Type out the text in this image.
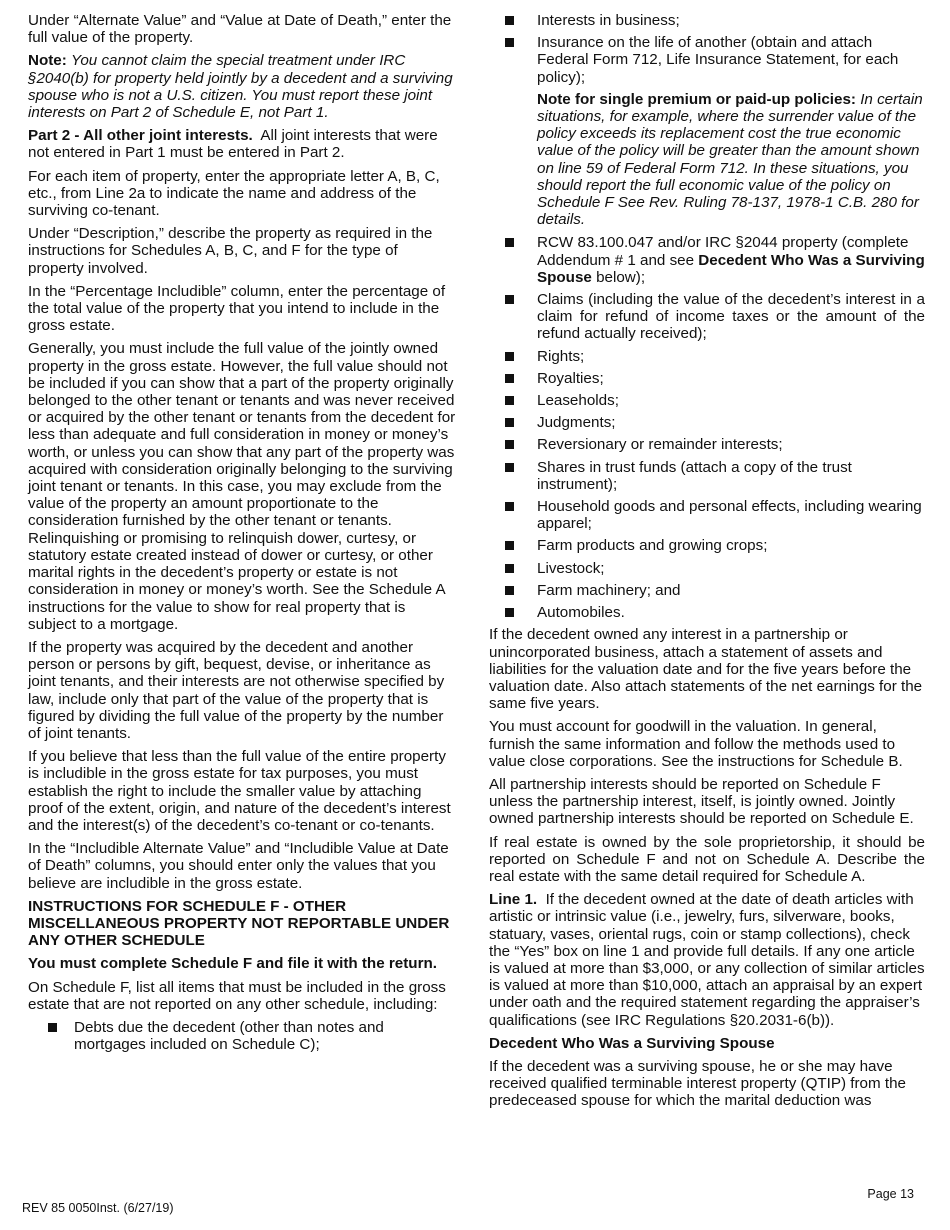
Under “Alternate Value” and “Value at Date of Death,” enter the full value of the property.

Note: You cannot claim the special treatment under IRC §2040(b) for property held jointly by a decedent and a surviving spouse who is not a U.S. citizen. You must report these joint interests on Part 2 of Schedule E, not Part 1.

Part 2 - All other joint interests. All joint interests that were not entered in Part 1 must be entered in Part 2.

For each item of property, enter the appropriate letter A, B, C, etc., from Line 2a to indicate the name and address of the surviving co-tenant.

Under “Description,” describe the property as required in the instructions for Schedules A, B, C, and F for the type of property involved.

In the “Percentage Includible” column, enter the percentage of the total value of the property that you intend to include in the gross estate.

Generally, you must include the full value of the jointly owned property in the gross estate. However, the full value should not be included if you can show that a part of the property originally belonged to the other tenant or tenants and was never received or acquired by the other tenant or tenants from the decedent for less than adequate and full consideration in money or money’s worth, or unless you can show that any part of the property was acquired with consideration originally belonging to the surviving joint tenant or tenants. In this case, you may exclude from the value of the property an amount proportionate to the consideration furnished by the other tenant or tenants. Relinquishing or promising to relinquish dower, curtesy, or statutory estate created instead of dower or curtesy, or other marital rights in the decedent’s property or estate is not consideration in money or money’s worth. See the Schedule A instructions for the value to show for real property that is subject to a mortgage.

If the property was acquired by the decedent and another person or persons by gift, bequest, devise, or inheritance as joint tenants, and their interests are not otherwise specified by law, include only that part of the value of the property that is figured by dividing the full value of the property by the number of joint tenants.

If you believe that less than the full value of the entire property is includible in the gross estate for tax purposes, you must establish the right to include the smaller value by attaching proof of the extent, origin, and nature of the decedent’s interest and the interest(s) of the decedent’s co-tenant or co-tenants.

In the “Includible Alternate Value” and “Includible Value at Date of Death” columns, you should enter only the values that you believe are includible in the gross estate.

INSTRUCTIONS FOR SCHEDULE F - OTHER MISCELLANEOUS PROPERTY NOT REPORTABLE UNDER ANY OTHER SCHEDULE

You must complete Schedule F and file it with the return.

On Schedule F, list all items that must be included in the gross estate that are not reported on any other schedule, including:

Debts due the decedent (other than notes and mortgages included on Schedule C);
Interests in business;
Insurance on the life of another (obtain and attach Federal Form 712, Life Insurance Statement, for each policy);

Note for single premium or paid-up policies: In certain situations, for example, where the surrender value of the policy exceeds its replacement cost the true economic value of the policy will be greater than the amount shown on line 59 of Federal Form 712. In these situations, you should report the full economic value of the policy on Schedule F See Rev. Ruling 78-137, 1978-1 C.B. 280 for details.

RCW 83.100.047 and/or IRC §2044 property (complete Addendum # 1 and see Decedent Who Was a Surviving Spouse below);
Claims (including the value of the decedent’s interest in a claim for refund of income taxes or the amount of the refund actually received);
Rights;
Royalties;
Leaseholds;
Judgments;
Reversionary or remainder interests;
Shares in trust funds (attach a copy of the trust instrument);
Household goods and personal effects, including wearing apparel;
Farm products and growing crops;
Livestock;
Farm machinery; and
Automobiles.

If the decedent owned any interest in a partnership or unincorporated business, attach a statement of assets and liabilities for the valuation date and for the five years before the valuation date. Also attach statements of the net earnings for the same five years.

You must account for goodwill in the valuation. In general, furnish the same information and follow the methods used to value close corporations. See the instructions for Schedule B.

All partnership interests should be reported on Schedule F unless the partnership interest, itself, is jointly owned. Jointly owned partnership interests should be reported on Schedule E.

If real estate is owned by the sole proprietorship, it should be reported on Schedule F and not on Schedule A. Describe the real estate with the same detail required for Schedule A.

Line 1. If the decedent owned at the date of death articles with artistic or intrinsic value (i.e., jewelry, furs, silverware, books, statuary, vases, oriental rugs, coin or stamp collections), check the “Yes” box on line 1 and provide full details. If any one article is valued at more than $3,000, or any collection of similar articles is valued at more than $10,000, attach an appraisal by an expert under oath and the required statement regarding the appraiser’s qualifications (see IRC Regulations §20.2031-6(b)).

Decedent Who Was a Surviving Spouse

If the decedent was a surviving spouse, he or she may have received qualified terminable interest property (QTIP) from the predeceased spouse for which the marital deduction was

REV 85 0050Inst. (6/27/19)
Page 13
